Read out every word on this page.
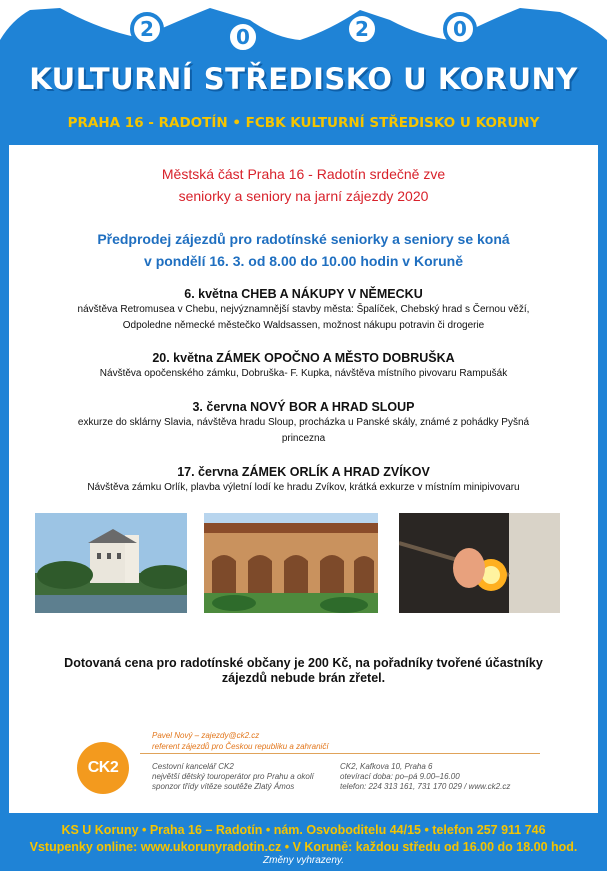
2	0	2	0
KULTURNÍ STŘEDISKO U KORUNY
PRAHA 16 - RADOTÍN • FCBK KULTURNÍ STŘEDISKO U KORUNY
Městská část Praha 16 - Radotín srdečně zve
seniorky a seniory na jarní zájezdy 2020
Předprodej zájezdů pro radotínské seniorky a seniory se koná
v pondělí 16. 3. od 8.00 do 10.00 hodin v Koruně
6. května CHEB A NÁKUPY V NĚMECKU
návštěva Retromusea v Chebu, nejvýznamnější stavby města: Špalíček, Chebský hrad s Černou věží,
Odpoledne německé městečko Waldsassen, možnost nákupu potravin či drogerie
20. května ZÁMEK OPOČNO A MĚSTO DOBRUŠKA
Návštěva opočenského zámku, Dobruška- F. Kupka, návštěva místního pivovaru Rampušák
3. června NOVÝ BOR A HRAD SLOUP
exkurze do sklárny Slavia, návštěva hradu Sloup, procházka u Panské skály, známé z pohádky Pyšná
princezna
17. června ZÁMEK ORLÍK A HRAD ZVÍKOV
Návštěva zámku Orlík, plavba výletní lodí ke hradu Zvíkov, krátká exkurze v místním minipivovaru
Dotovaná cena pro radotínské občany je 200 Kč, na pořadníky tvořené účastníky zájezdů nebude brán zřetel.
CK2
Pavel Nový – zajezdy@ck2.cz
referent zájezdů pro Českou republiku a zahraničí
Cestovní kancelář CK2
největší dětský touroperátor pro Prahu a okolí
sponzor třídy vítěze soutěže Zlatý Ámos
CK2, Kafkova 10, Praha 6
otevírací doba: po–pá 9.00–16.00
telefon: 224 313 161, 731 170 029 / www.ck2.cz
KS U Koruny • Praha 16 – Radotín • nám. Osvoboditelu 44/15 • telefon 257 911 746
Vstupenky online: www.ukorunyradotin.cz • V Koruně: každou středu od 16.00 do 18.00 hod.
Změny vyhrazeny.
